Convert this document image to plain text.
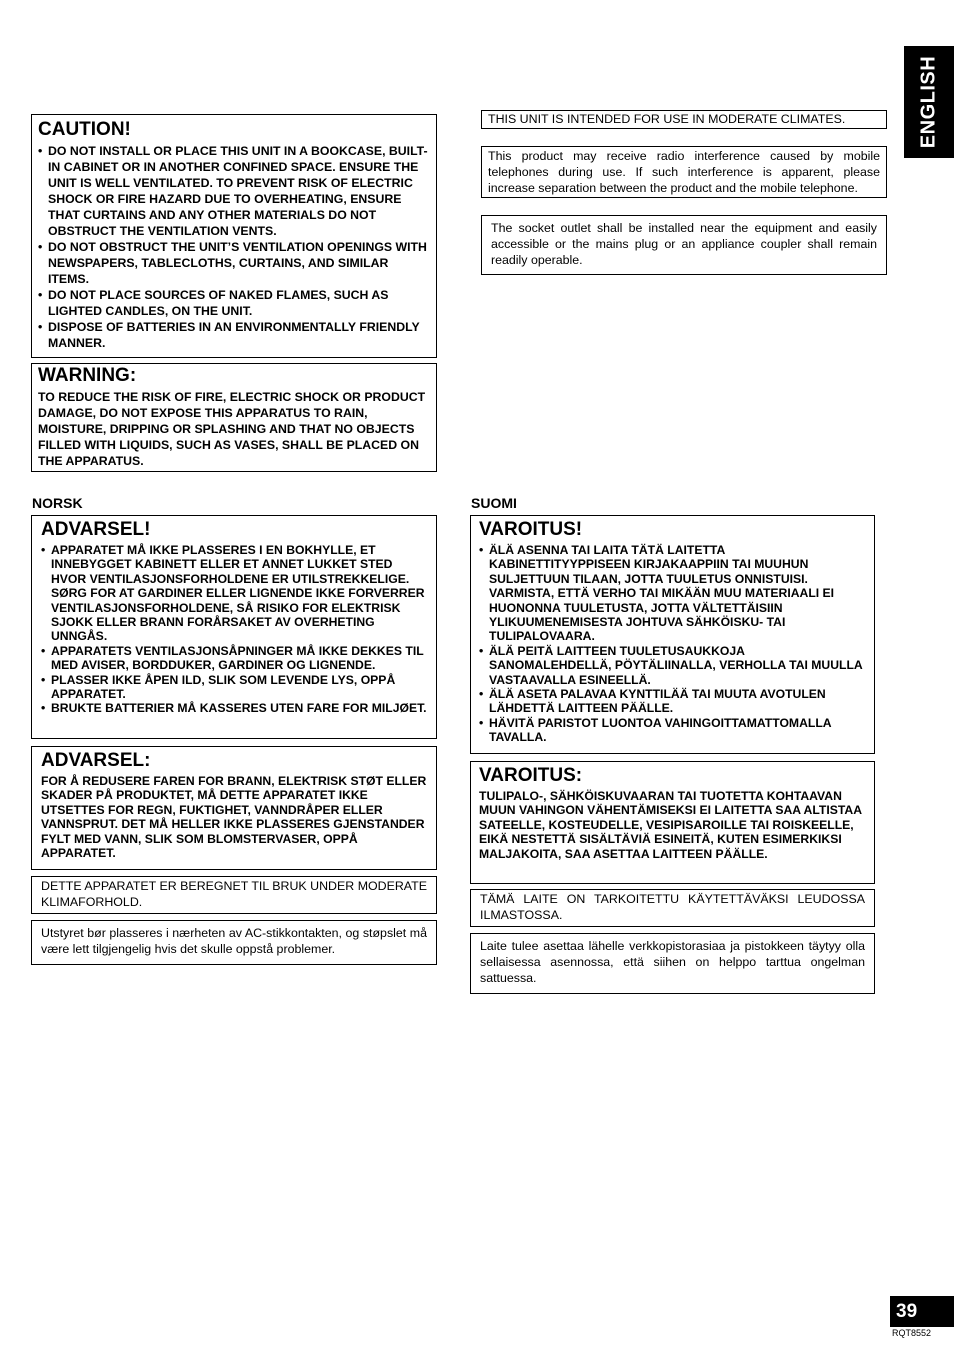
ENGLISH
CAUTION!
• DO NOT INSTALL OR PLACE THIS UNIT IN A BOOKCASE, BUILT-IN CABINET OR IN ANOTHER CONFINED SPACE. ENSURE THE UNIT IS WELL VENTILATED. TO PREVENT RISK OF ELECTRIC SHOCK OR FIRE HAZARD DUE TO OVERHEATING, ENSURE THAT CURTAINS AND ANY OTHER MATERIALS DO NOT OBSTRUCT THE VENTILATION VENTS.
• DO NOT OBSTRUCT THE UNIT’S VENTILATION OPENINGS WITH NEWSPAPERS, TABLECLOTHS, CURTAINS, AND SIMILAR ITEMS.
• DO NOT PLACE SOURCES OF NAKED FLAMES, SUCH AS LIGHTED CANDLES, ON THE UNIT.
• DISPOSE OF BATTERIES IN AN ENVIRONMENTALLY FRIENDLY MANNER.
WARNING:
TO REDUCE THE RISK OF FIRE, ELECTRIC SHOCK OR PRODUCT DAMAGE, DO NOT EXPOSE THIS APPARATUS TO RAIN, MOISTURE, DRIPPING OR SPLASHING AND THAT NO OBJECTS FILLED WITH LIQUIDS, SUCH AS VASES, SHALL BE PLACED ON THE APPARATUS.
THIS UNIT IS INTENDED FOR USE IN MODERATE CLIMATES.
This product may receive radio interference caused by mobile telephones during use. If such interference is apparent, please increase separation between the product and the mobile telephone.
The socket outlet shall be installed near the equipment and easily accessible or the mains plug or an appliance coupler shall remain readily operable.
NORSK
ADVARSEL!
• APPARATET MÅ IKKE PLASSERES I EN BOKHYLLE, ET INNEBYGGET KABINETT ELLER ET ANNET LUKKET STED HVOR VENTILASJONSFORHOLDENE ER UTILSTREKKELIGE. SØRG FOR AT GARDINER ELLER LIGNENDE IKKE FORVERRER VENTILASJONSFORHOLDENE, SÅ RISIKO FOR ELEKTRISK SJOKK ELLER BRANN FORÅRSAKET AV OVERHETING UNNGÅS.
• APPARATETS VENTILASJONSÅPNINGER MÅ IKKE DEKKES TIL MED AVISER, BORDDUKER, GARDINER OG LIGNENDE.
• PLASSER IKKE ÅPEN ILD, SLIK SOM LEVENDE LYS, OPPÅ APPARATET.
• BRUKTE BATTERIER MÅ KASSERES UTEN FARE FOR MILJØET.
ADVARSEL:
FOR Å REDUSERE FAREN FOR BRANN, ELEKTRISK STØT ELLER SKADER PÅ PRODUKTET, MÅ DETTE APPARATET IKKE UTSETTES FOR REGN, FUKTIGHET, VANNDRÅPER ELLER VANNSPRUT. DET MÅ HELLER IKKE PLASSERES GJENSTANDER FYLT MED VANN, SLIK SOM BLOMSTERVASER, OPPÅ APPARATET.
DETTE APPARATET ER BEREGNET TIL BRUK UNDER MODERATE KLIMAFORHOLD.
Utstyret bør plasseres i nærheten av AC-stikkontakten, og støpslet må være lett tilgjengelig hvis det skulle oppstå problemer.
SUOMI
VAROITUS!
• ÄLÄ ASENNA TAI LAITA TÄTÄ LAITETTA KABINETTITYYPPISEEN KIRJAKAAPPIIN TAI MUUHUN SULJETTUUN TILAAN, JOTTA TUULETUS ONNISTUISI. VARMISTA, ETTÄ VERHO TAI MIKÄÄN MUU MATERIAALI EI HUONONNA TUULETUSTA, JOTTA VÄLTETTÄISIIN YLIKUUMENEMISESTA JOHTUVA SÄHKÖISKU- TAI TULIPALOVAARA.
• ÄLÄ PEITÄ LAITTEEN TUULETUSAUKKOJA SANOMALEHDELLÄ, PÖYTÄLIINALLA, VERHOLLA TAI MUULLA VASTAAVALLA ESINEELLÄ.
• ÄLÄ ASETA PALAVAA KYNTTILÄÄ TAI MUUTA AVOTULEN LÄHDETTÄ LAITTEEN PÄÄLLE.
• HÄVITÄ PARISTOT LUONTOA VAHINGOITTAMATTOMALLA TAVALLA.
VAROITUS:
TULIPALO-, SÄHKÖISKUVAARAN TAI TUOTETTA KOHTAAVAN MUUN VAHINGON VÄHENTÄMISEKSI EI LAITETTA SAA ALTISTAA SATEELLE, KOSTEUDELLE, VESIPISAROILLE TAI ROISKEELLE, EIKÄ NESTETTÄ SISÄLTÄVIÄ ESINEITÄ, KUTEN ESIMERKIKSI MALJAKOITA, SAA ASETTAA LAITTEEN PÄÄLLE.
TÄMÄ LAITE ON TARKOITETTU KÄYTETTÄVÄKSI LEUDOSSA ILMASTOSSA.
Laite tulee asettaa lähelle verkkopistorasiaa ja pistokkeen täytyy olla sellaisessa asennossa, että siihen on helppo tarttua ongelman sattuessa.
39
RQT8552
